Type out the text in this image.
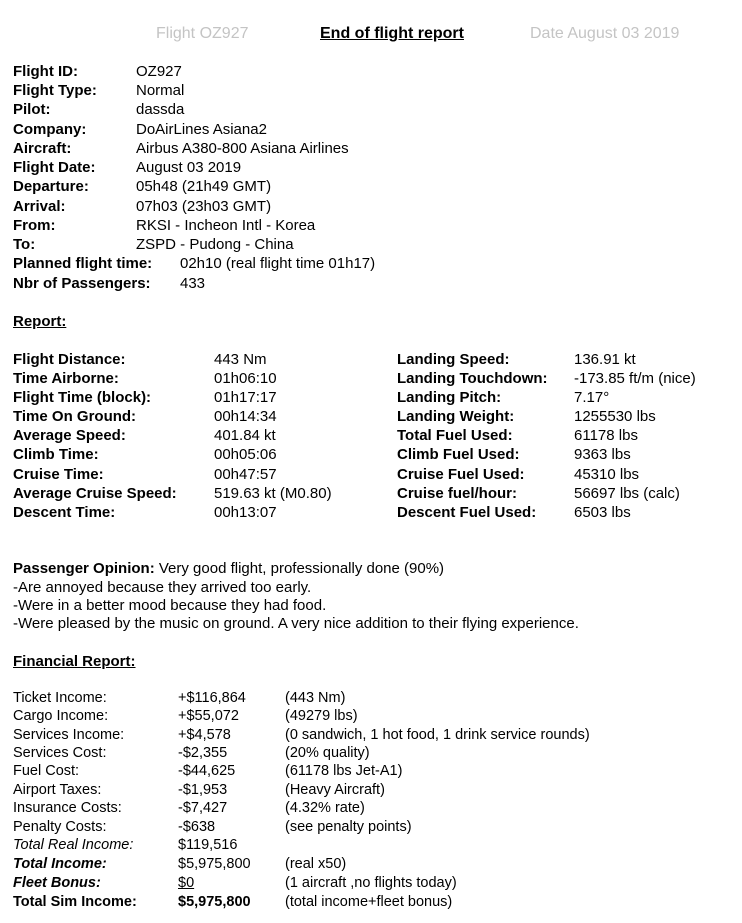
Flight OZ927	End of flight report	Date August 03 2019
Flight ID:	OZ927
Flight Type:	Normal
Pilot:	dassda
Company:	DoAirLines Asiana2
Aircraft:	Airbus A380-800 Asiana Airlines
Flight Date:	August 03 2019
Departure:	05h48 (21h49 GMT)
Arrival:	07h03 (23h03 GMT)
From:	RKSI - Incheon Intl - Korea
To:	ZSPD - Pudong - China
Planned flight time: 02h10 (real flight time 01h17)
Nbr of Passengers: 433
Report:
Flight Distance:	443 Nm
Time Airborne:	01h06:10
Flight Time (block):	01h17:17
Time On Ground:	00h14:34
Average Speed:	401.84 kt
Climb Time:	00h05:06
Cruise Time:	00h47:57
Average Cruise Speed: 519.63 kt (M0.80)
Descent Time:	00h13:07
Landing Speed:	136.91 kt
Landing Touchdown: -173.85 ft/m (nice)
Landing Pitch:	7.17°
Landing Weight:	1255530 lbs
Total Fuel Used:	61178 lbs
Climb Fuel Used:	9363 lbs
Cruise Fuel Used:	45310 lbs
Cruise fuel/hour:	56697 lbs (calc)
Descent Fuel Used:	6503 lbs
Passenger Opinion: Very good flight, professionally done (90%)
-Are annoyed because they arrived too early.
-Were in a better mood because they had food.
-Were pleased by the music on ground. A very nice addition to their flying experience.
Financial Report:
Ticket Income:	+$116,864	(443 Nm)
Cargo Income:	+$55,072	(49279 lbs)
Services Income:	+$4,578	(0 sandwich, 1 hot food, 1 drink service rounds)
Services Cost:	-$2,355	(20% quality)
Fuel Cost:	-$44,625	(61178 lbs Jet-A1)
Airport Taxes:	-$1,953	(Heavy Aircraft)
Insurance Costs:	-$7,427	(4.32% rate)
Penalty Costs:	-$638	(see penalty points)
Total Real Income:	$119,516
Total Income:	$5,975,800 (real x50)
Fleet Bonus:	$0	(1 aircraft ,no flights today)
Total Sim Income:	$5,975,800 (total income+fleet bonus)
